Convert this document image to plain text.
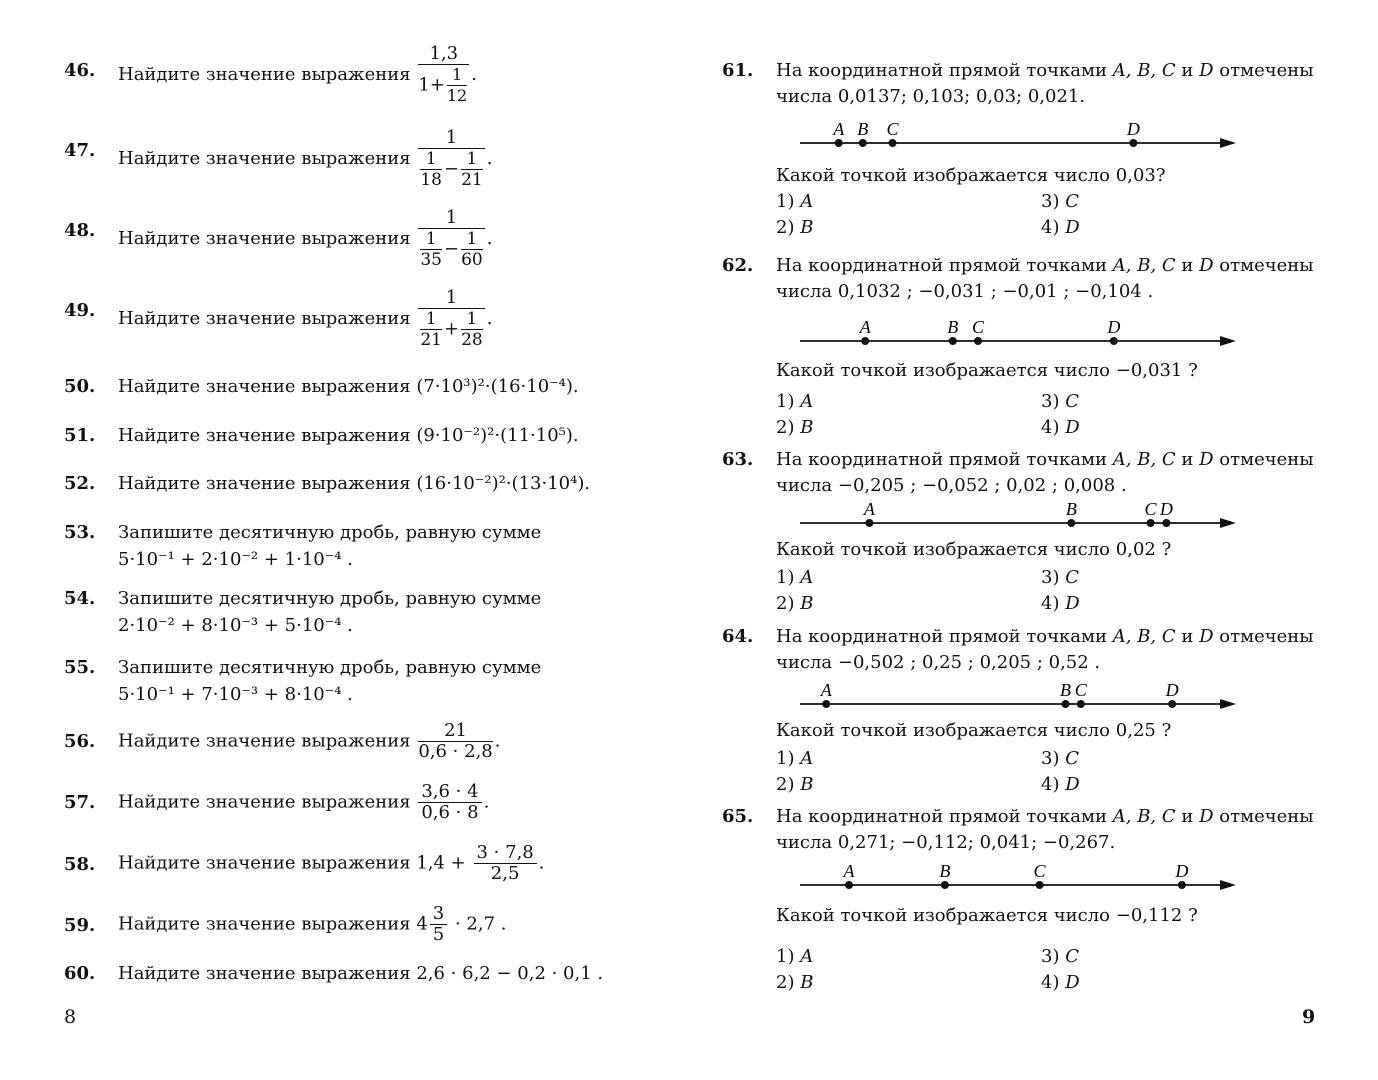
46. Найдите значение выражения $\frac{1,3}{1+ \frac{1}{12}}$ .
47. Найдите значение выражения $\frac{1}{\frac{1}{18} - \frac{1}{21}}$ .
48. Найдите значение выражения $\frac{1}{\frac{1}{35} - \frac{1}{60}}$ .
49. Найдите значение выражения $\frac{1}{\frac{1}{21} + \frac{1}{28}}$ .
50. Найдите значение выражения (7·10³)²·(16·10⁻⁴).
51. Найдите значение выражения (9·10⁻²)²·(11·10⁵).
52. Найдите значение выражения (16·10⁻²)²·(13·10⁴).
53. Запишите десятичную дробь, равную сумме
5·10⁻¹ + 2·10⁻² + 1·10⁻⁴ .
54. Запишите десятичную дробь, равную сумме
2·10⁻² + 8·10⁻³ + 5·10⁻⁴ .
55. Запишите десятичную дробь, равную сумме
5·10⁻¹ + 7·10⁻³ + 8·10⁻⁴ .
56. Найдите значение выражения $\frac{21}{0,6 \cdot 2,8}$ .
57. Найдите значение выражения $\frac{3,6 \cdot 4}{0,6 \cdot 8}$ .
58. Найдите значение выражения $1,4 + \frac{3 \cdot 7,8}{2,5}$ .
59. Найдите значение выражения $4 \frac{3}{5} \cdot 2,7$ .
60. Найдите значение выражения 2,6 · 6,2 − 0,2 · 0,1 .
8
61. На координатной прямой точками A, B, C и D отмечены
числа 0,0137; 0,103; 0,03; 0,021.
A B C	D
Какой точкой изображается число 0,03?
1) A
2) B
3) C
4) D
62. На координатной прямой точками A, B, C и D отмечены
числа 0,1032 ; −0,031 ; −0,01 ; −0,104 .
A	B C	D
Какой точкой изображается число −0,031 ?
1) A
2) B
3) C
4) D
63. На координатной прямой точками A, B, C и D отмечены
числа −0,205 ; −0,052 ; 0,02 ; 0,008 .
A	B	C D
Какой точкой изображается число 0,02 ?
1) A
2) B
3) C
4) D
64. На координатной прямой точками A, B, C и D отмечены
числа −0,502 ; 0,25 ; 0,205 ; 0,52 .
A	B C	D
Какой точкой изображается число 0,25 ?
1) A
2) B
3) C
4) D
65. На координатной прямой точками A, B, C и D отмечены
числа 0,271; −0,112; 0,041; −0,267.
A	B	C	D
Какой точкой изображается число −0,112 ?
1) A
2) B
3) C
4) D
9
